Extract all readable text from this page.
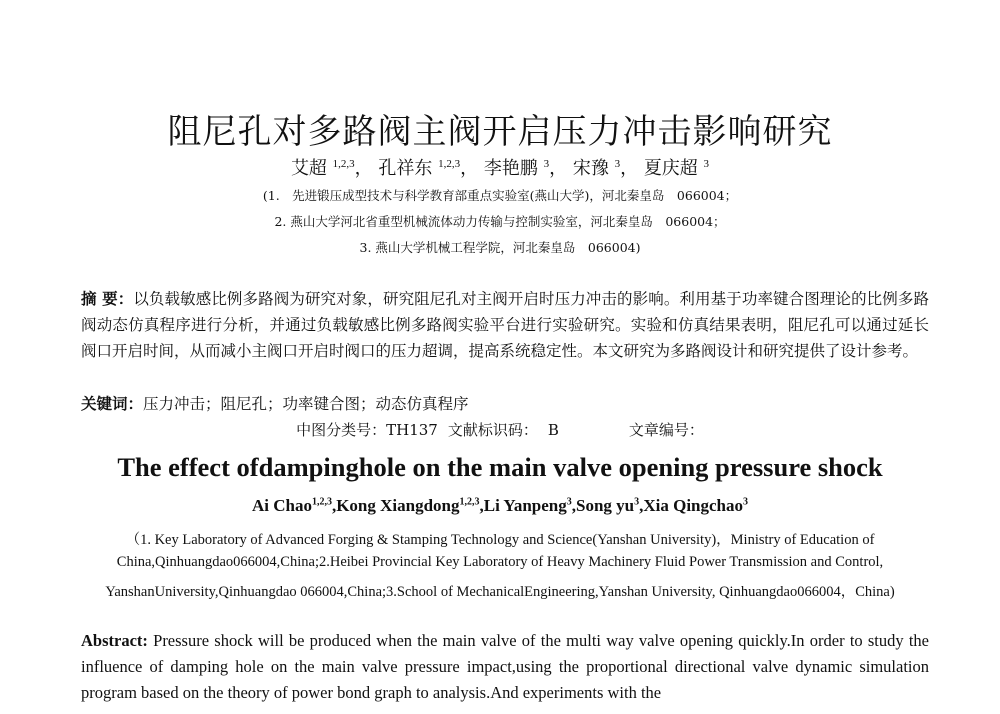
阻尼孔对多路阀主阀开启压力冲击影响研究
艾超 $^{1,2,3}$， 孔祥东 $^{1,2,3}$， 李艳鹏 $^3$， 宋豫 $^3$， 夏庆超 $^3$
(1.　先进锻压成型技术与科学教育部重点实验室(燕山大学)，河北秦皇岛　066004；
2. 燕山大学河北省重型机械流体动力传输与控制实验室，河北秦皇岛　066004；
3. 燕山大学机械工程学院，河北秦皇岛　066004)
摘 要：以负载敏感比例多路阀为研究对象，研究阻尼孔对主阀开启时压力冲击的影响。利用基于功率键合图理论的比例多路阀动态仿真程序进行分析，并通过负载敏感比例多路阀实验平台进行实验研究。实验和仿真结果表明，阻尼孔可以通过延长阀口开启时间，从而减小主阀口开启时阀口的压力超调，提高系统稳定性。本文研究为多路阀设计和研究提供了设计参考。
关键词：压力冲击；阻尼孔；功率键合图；动态仿真程序
中图分类号：TH137 文献标识码： B	文章编号：
The effect ofdampinghole on the main valve opening pressure shock
Ai Chao$^{1,2,3}$,Kong Xiangdong$^{1,2,3}$,Li Yanpeng$^3$,Song $yu^3,Xia$ Qingchao$^3$
（1. Key Laboratory of Advanced Forging & Stamping Technology and Science(Yanshan University)，Ministry of Education of
China,Qinhuangdao066004,China;2.Heibei Provincial Key Laboratory of Heavy Machinery Fluid Power Transmission and Control,
YanshanUniversity,Qinhuangdao 066004,China;3.School of MechanicalEngineering,Yanshan University, Qinhuangdao066004，China)
Abstract: Pressure shock will be produced when the main valve of the multi way valve opening quickly.In order to study the influence of damping hole on the main valve pressure impact,using the proportional directional valve dynamic simulation program based on the theory of power bond graph to analysis.And experiments with the
